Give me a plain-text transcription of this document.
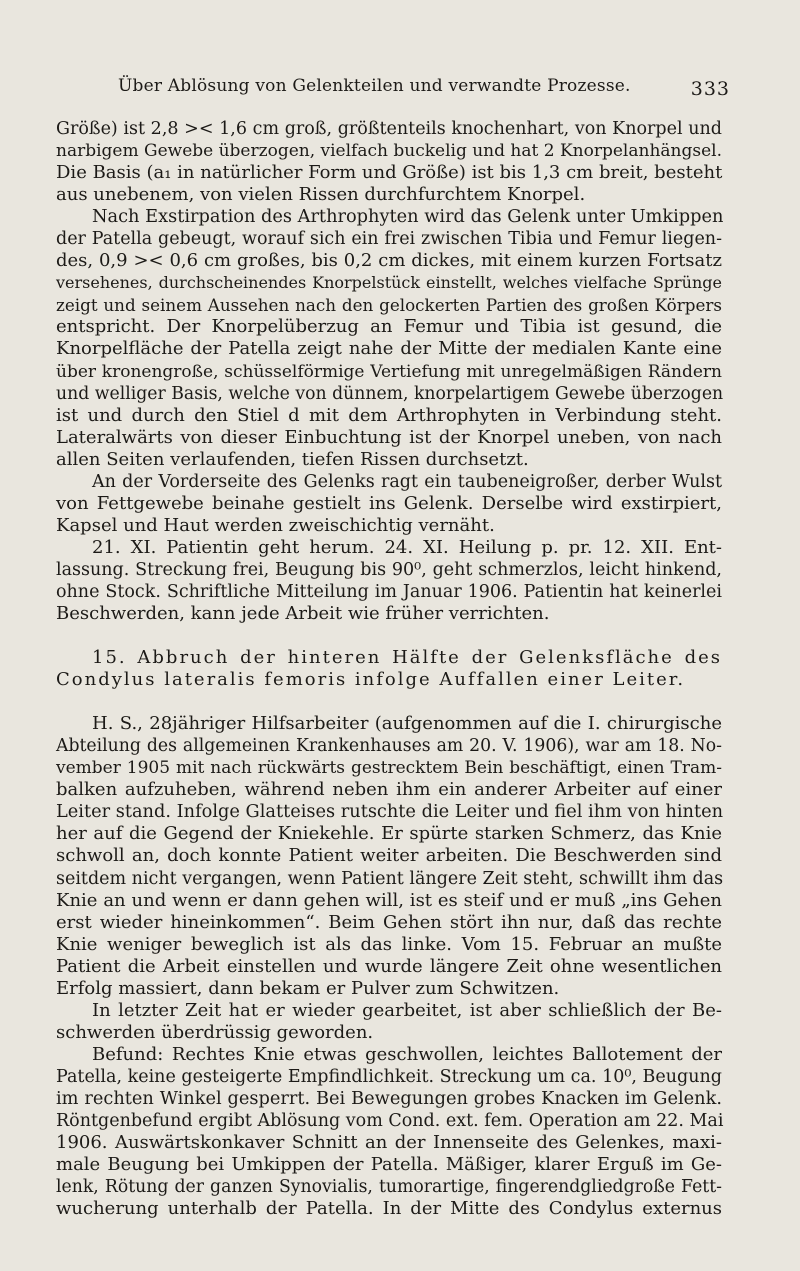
Über Ablösung von Gelenkteilen und verwandte Prozesse.	333
Größe) ist 2,8 >< 1,6 cm groß, größtenteils knochenhart, von Knorpel und
narbigem Gewebe überzogen, vielfach buckelig und hat 2 Knorpelanhängsel.
Die Basis (a₁ in natürlicher Form und Größe) ist bis 1,3 cm breit, besteht
aus unebenem, von vielen Rissen durchfurchtem Knorpel.
Nach Exstirpation des Arthrophyten wird das Gelenk unter Umkippen
der Patella gebeugt, worauf sich ein frei zwischen Tibia und Femur liegen-
des, 0,9 >< 0,6 cm großes, bis 0,2 cm dickes, mit einem kurzen Fortsatz
versehenes, durchscheinendes Knorpelstück einstellt, welches vielfache Sprünge
zeigt und seinem Aussehen nach den gelockerten Partien des großen Körpers
entspricht. Der Knorpelüberzug an Femur und Tibia ist gesund, die
Knorpelfläche der Patella zeigt nahe der Mitte der medialen Kante eine
über kronengroße, schüsselförmige Vertiefung mit unregelmäßigen Rändern
und welliger Basis, welche von dünnem, knorpelartigem Gewebe überzogen
ist und durch den Stiel d mit dem Arthrophyten in Verbindung steht.
Lateralwärts von dieser Einbuchtung ist der Knorpel uneben, von nach
allen Seiten verlaufenden, tiefen Rissen durchsetzt.
An der Vorderseite des Gelenks ragt ein taubeneigroßer, derber Wulst
von Fettgewebe beinahe gestielt ins Gelenk. Derselbe wird exstirpiert,
Kapsel und Haut werden zweischichtig vernäht.
21. XI. Patientin geht herum. 24. XI. Heilung p. pr. 12. XII. Ent-
lassung. Streckung frei, Beugung bis 90⁰, geht schmerzlos, leicht hinkend,
ohne Stock. Schriftliche Mitteilung im Januar 1906. Patientin hat keinerlei
Beschwerden, kann jede Arbeit wie früher verrichten.
15. Abbruch der hinteren Hälfte der Gelenksfläche des
Condylus lateralis femoris infolge Auffallen einer Leiter.
H. S., 28jähriger Hilfsarbeiter (aufgenommen auf die I. chirurgische
Abteilung des allgemeinen Krankenhauses am 20. V. 1906), war am 18. No-
vember 1905 mit nach rückwärts gestrecktem Bein beschäftigt, einen Tram-
balken aufzuheben, während neben ihm ein anderer Arbeiter auf einer
Leiter stand. Infolge Glatteises rutschte die Leiter und fiel ihm von hinten
her auf die Gegend der Kniekehle. Er spürte starken Schmerz, das Knie
schwoll an, doch konnte Patient weiter arbeiten. Die Beschwerden sind
seitdem nicht vergangen, wenn Patient längere Zeit steht, schwillt ihm das
Knie an und wenn er dann gehen will, ist es steif und er muß „ins Gehen
erst wieder hineinkommen“. Beim Gehen stört ihn nur, daß das rechte
Knie weniger beweglich ist als das linke. Vom 15. Februar an mußte
Patient die Arbeit einstellen und wurde längere Zeit ohne wesentlichen
Erfolg massiert, dann bekam er Pulver zum Schwitzen.
In letzter Zeit hat er wieder gearbeitet, ist aber schließlich der Be-
schwerden überdrüssig geworden.
Befund: Rechtes Knie etwas geschwollen, leichtes Ballotement der
Patella, keine gesteigerte Empfindlichkeit. Streckung um ca. 10⁰, Beugung
im rechten Winkel gesperrt. Bei Bewegungen grobes Knacken im Gelenk.
Röntgenbefund ergibt Ablösung vom Cond. ext. fem. Operation am 22. Mai
1906. Auswärtskonkaver Schnitt an der Innenseite des Gelenkes, maxi-
male Beugung bei Umkippen der Patella. Mäßiger, klarer Erguß im Ge-
lenk, Rötung der ganzen Synovialis, tumorartige, fingerendgliedgroße Fett-
wucherung unterhalb der Patella. In der Mitte des Condylus externus
